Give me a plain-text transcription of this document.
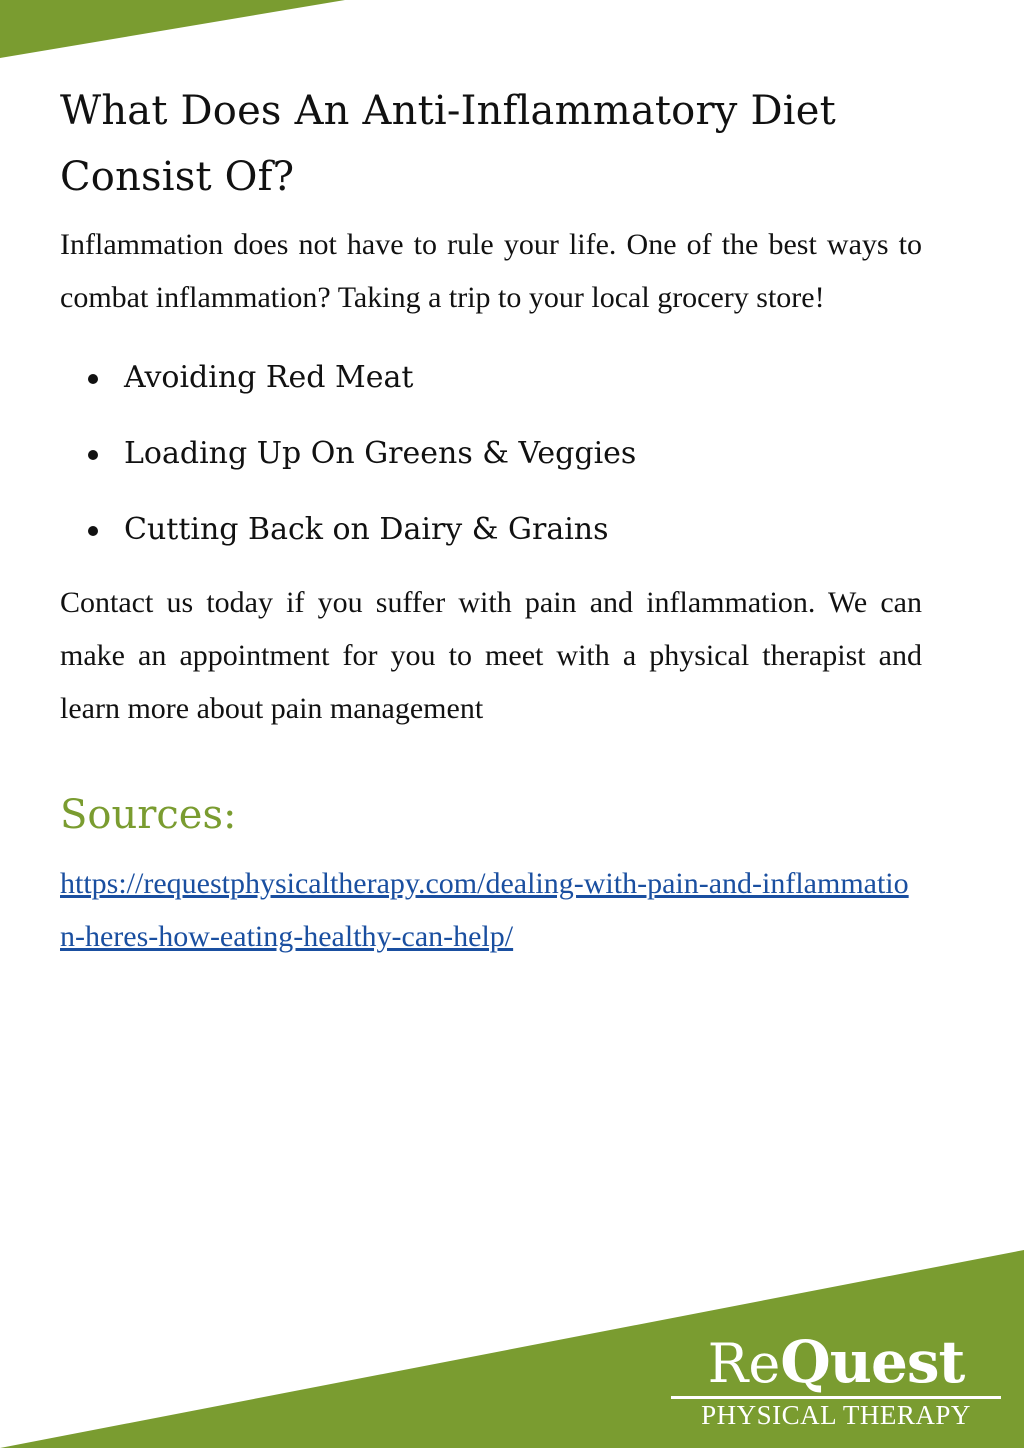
What Does An Anti-Inflammatory Diet Consist Of?

Inflammation does not have to rule your life. One of the best ways to combat inflammation? Taking a trip to your local grocery store!

Avoiding Red Meat
Loading Up On Greens & Veggies
Cutting Back on Dairy & Grains

Contact us today if you suffer with pain and inflammation. We can make an appointment for you to meet with a physical therapist and learn more about pain management

Sources:
https://requestphysicaltherapy.com/dealing-with-pain-and-inflammation-heres-how-eating-healthy-can-help/
ReQuest
PHYSICAL THERAPY
